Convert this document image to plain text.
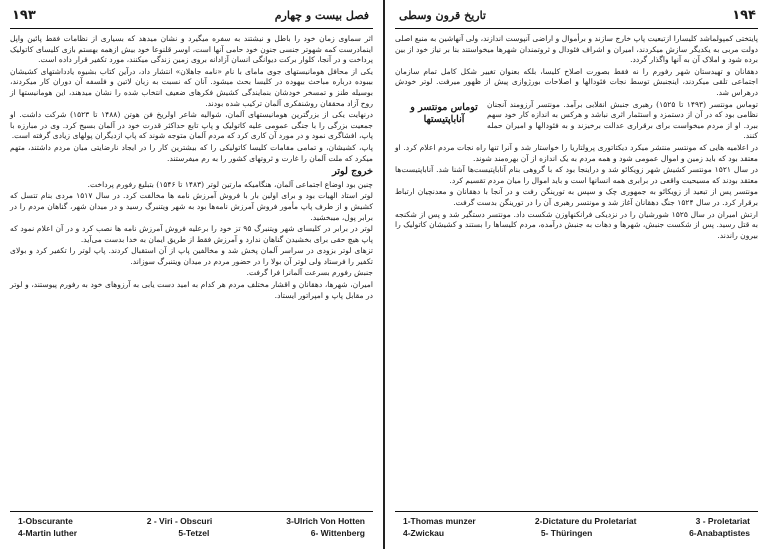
۱۹۳	فصل بیست و چهارم

اثر سماوی زمان خود را باطل و نیشتند به سفره میگیرد و نشان میدهد که بسیاری از نظامات فقط پائین واپل اینمادرست کمه شهوتر جنسی جنون خود حامی آنها است، اوسر قلنوعا خود بیش ازهمه بهستم بازی کلیسای کاتولیک پرداخت و در آنجا، کلوار برکت دیوانگی انسان آزادانه بروی زمین زندگی میکنند، مورد تکفیر قرار داده است.

یکی از محافل هومانیستهای جوی مامای با نام «نامه جاهلان» انتشار داد، درآین کتاب بشیوه یادداشتهای کشیشان بیبوده درباره مباحث بیهوده در کلیسا بحث میشود. آنان که نسبت به زبان لاتین و فلسفه آن دوران کار میکردند، بوسیله طنز و تمسخر خودشان بنمایندگی کشیش فکرهای ضعیف انتخاب شده را نشان میدهند، این هومانیستها از روح آزاد محققان روشنفکری آلمان ترکیب شده بودند.

درنهایت یکی از بزرگترین هومانیستهای آلمان، شوالیه شاعر اولریخ فن هوتن (۱۴۸۸ تا ۱۵۲۳) شرکت داشت. او جمعیت بزرگی را با جنگی عمومی علیه کاتولیک و پاپ تابع حداکثر قدرت خود در آلمان بسیج کرد. وی در مبارزه با پاپ، افشاگری نمود و در مورد آن کاری کرد که مردم آلمان متوجه شوند که پاپ ازدیگران پولهای زیادی گرفته است.

پاپ، کشیشان، و تمامی مقامات کلیسا کاتولیکی را که بیشترین کار را در ایجاد نارضایتی میان مردم داشتند، متهم میکرد که ملت آلمان را غارت و ثروتهای کشور را به رم میفرستند.

خروج لوتر

چنین بود اوضاع اجتماعی آلمان، هنگامیکه مارتین لوتر (۱۴۸۳ تا ۱۵۴۶) بتبلیغ رفورم پرداخت.

لوتر استاد الهیات بود و برای اولین بار با فروش آمرزش نامه ها مخالفت کرد. در سال ۱۵۱۷ مردی بنام تتسل که کشیش و از طرف پاپ مأمور فروش آمرزش نامه‌ها بود به شهر ویتنبرگ رسید و در میدان شهر، گناهان مردم را در برابر پول، میبخشید.

لوتر در برابر در کلیسای شهر ویتنبرگ ۹۵ تز خود را برعلیه فروش آمرزش نامه ها نصب کرد و در آن اعلام نمود که پاپ هیچ حقی برای بخشیدن گناهان ندارد و آمرزش فقط از طریق ایمان به خدا بدست می‌آید.

تزهای لوتر بزودی در سراسر آلمان پخش شد و مخالفین پاپ از آن استقبال کردند. پاپ لوتر را تکفیر کرد و بولای تکفیر را فرستاد ولی لوتر آن بولا را در حضور مردم در میدان ویتنبرگ سوزاند.

جنبش رفورم بسرعت آلمانرا فرا گرفت.

امیران، شهرها، دهقانان و اقشار مختلف مردم هر کدام به امید دست یابی به آرزوهای خود به رفورم پیوستند، و لوتر در مقابل پاپ و امپراتور ایستاد.

1-Obscurante	2 - Viri - Obscuri	3-Ulrich Von Hotten
4-Martin luther	5-Tetzel	6- Wittenberg
۱۹۴
تاریخ قرون وسطی

پایتختی کمپولماشد کلیسارا ازتبعیت پاپ خارج سازند و برأموال و اراضی آنپوست اندازند، ولی آنهاشین به منبع اصلی دولت مربی به یکدیگر سازش میکردند، امیران و اشراف فئودال و ثروتمندان شهرها میخواستند بنا بر نیاز خود از بین برده شود و املاک آن به آنها واگذار گردد.

دهقانان و تهیدستان شهر رفورم را نه فقط بصورت اصلاح کلیسا، بلکه بعنوان تغییر شکل کامل تمام سازمان اجتماعی تلقی میکردند، اینجنبش توسط نجات فئودالها و اصلاحات بورژوازی پیش از ظهور میرفت. لوتر خودش درهراس شد.

توماس مونتسر و آناباپتیستها

توماس مونتسر (۱۴۹۳ تا ۱۵۲۵) رهبری جنبش انقلابی برآمد. مونتسر آرزومند آنجنان نظامی بود که در آن از دستمزد و استثمار اثری نباشد و هرکس به اندازه کار خود سهم ببرد. او از مردم میخواست برای برقراری عدالت برخیزند و به فئودالها و امیران حمله کنند.

در اعلامیه هایی که مونتسر منتشر میکرد دیکتاتوری پرولتاریا را خواستار شد و آنرا تنها راه نجات مردم اعلام کرد. او معتقد بود که باید زمین و اموال عمومی شود و همه مردم به یک اندازه از آن بهره‌مند شوند.

در سال ۱۵۲۱ مونتسر کشیش شهر زویکائو شد و دراینجا بود که با گروهی بنام آناباپتیست‌ها آشنا شد. آناباپتیست‌ها معتقد بودند که مسیحیت واقعی در برابری همه انسانها است و باید اموال را میان مردم تقسیم کرد.

مونتسر پس از تبعید از زویکائو به جمهوری چک و سپس به تورینگن رفت و در آنجا با دهقانان و معدنچیان ارتباط برقرار کرد. در سال ۱۵۲۴ جنگ دهقانان آغاز شد و مونتسر رهبری آن را در تورینگن بدست گرفت.

ارتش امیران در سال ۱۵۲۵ شورشیان را در نزدیکی فرانکنهاوزن شکست داد. مونتسر دستگیر شد و پس از شکنجه به قتل رسید. پس از شکست جنبش، شهرها و دهات به جنبش درآمده، مردم کلیساها را بستند و کشیشان کاتولیک را بیرون راندند.

1-Thomas munzer	2-Dictature du Proletariat	3 - Proletariat
4-Zwickau	5- Thüringen	6-Anabaptistes
